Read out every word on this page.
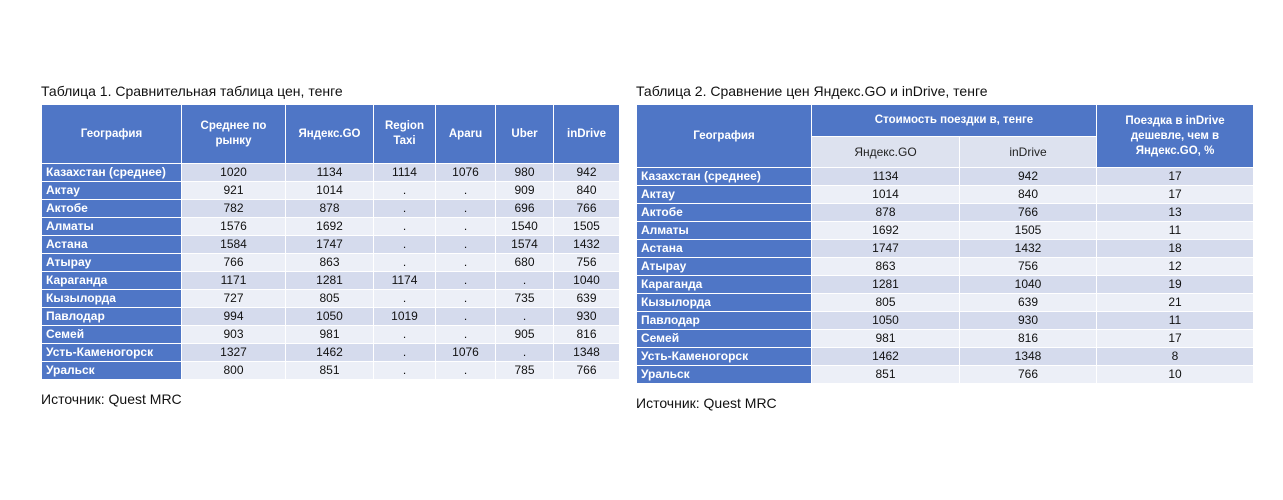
Таблица 1. Сравнительная таблица цен, тенге
География	Среднее по рынку	Яндекс.GO	Region Taxi	Aparu	Uber	inDrive
Казахстан (среднее)	1020	1134	1114	1076	980	942
Актау	921	1014	.	.	909	840
Актобе	782	878	.	.	696	766
Алматы	1576	1692	.	.	1540	1505
Астана	1584	1747	.	.	1574	1432
Атырау	766	863	.	.	680	756
Караганда	1171	1281	1174	.	.	1040
Кызылорда	727	805	.	.	735	639
Павлодар	994	1050	1019	.	.	930
Семей	903	981	.	.	905	816
Усть-Каменогорск	1327	1462	.	1076	.	1348
Уральск	800	851	.	.	785	766
Источник: Quest MRC
Таблица 2. Сравнение цен Яндекс.GO и inDrive, тенге
География	Стоимость поездки в, тенге		Поездка в inDrive дешевле, чем в Яндекс.GO, %
	Яндекс.GO	inDrive	
Казахстан (среднее)	1134	942	17
Актау	1014	840	17
Актобе	878	766	13
Алматы	1692	1505	11
Астана	1747	1432	18
Атырау	863	756	12
Караганда	1281	1040	19
Кызылорда	805	639	21
Павлодар	1050	930	11
Семей	981	816	17
Усть-Каменогорск	1462	1348	8
Уральск	851	766	10
Источник: Quest MRC
